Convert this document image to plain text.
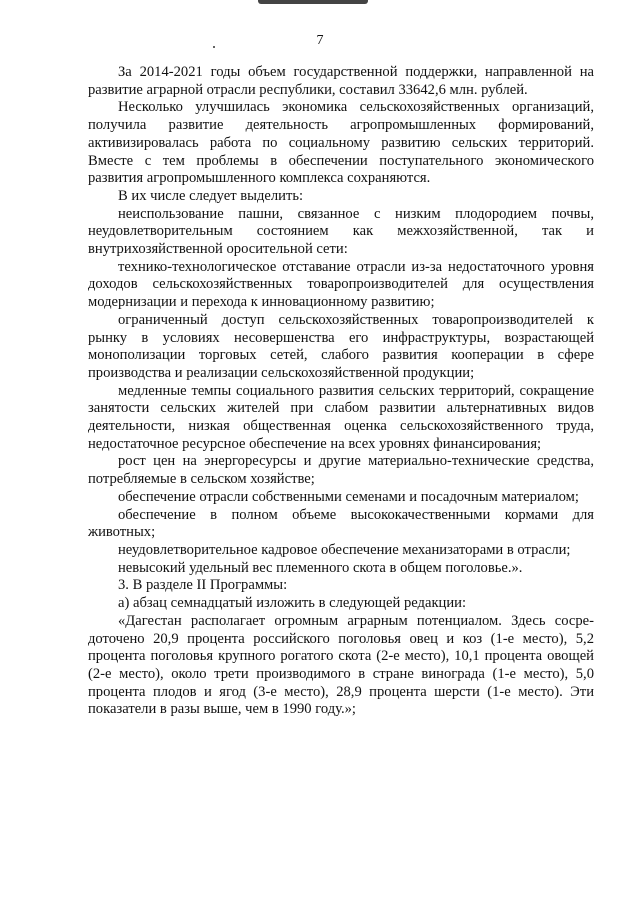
7

За 2014-2021 годы объем государственной поддержки, направленной на развитие аграрной отрасли республики, составил 33642,6 млн. рублей.

Несколько улучшилась экономика сельскохозяйственных организаций, получила развитие деятельность агропромышленных формирований, активизировалась работа по социальному развитию сельских территорий. Вместе с тем проблемы в обеспечении поступательного экономического развития агропромышленного комплекса сохраняются.

В их числе следует выделить:

неиспользование пашни, связанное с низким плодородием почвы, неудовлетворительным состоянием как межхозяйственной, так и внутрихозяйственной оросительной сети:

технико-технологическое отставание отрасли из-за недостаточного уровня доходов сельскохозяйственных товаропроизводителей для осуществления модернизации и перехода к инновационному развитию;

ограниченный доступ сельскохозяйственных товаропроизводителей к рынку в условиях несовершенства его инфраструктуры, возрастающей монополизации торговых сетей, слабого развития кооперации в сфере производства и реализации сельскохозяйственной продукции;

медленные темпы социального развития сельских территорий, сокращение занятости сельских жителей при слабом развитии альтернативных видов деятельности, низкая общественная оценка сельскохозяйственного труда, недостаточное ресурсное обеспечение на всех уровнях финансирования;

рост цен на энергоресурсы и другие материально-технические средства, потребляемые в сельском хозяйстве;

обеспечение отрасли собственными семенами и посадочным материалом;

обеспечение в полном объеме высококачественными кормами для животных;

неудовлетворительное кадровое обеспечение механизаторами в отрасли;

невысокий удельный вес племенного скота в общем поголовье.».

3. В разделе II Программы:

а) абзац семнадцатый изложить в следующей редакции:

«Дагестан располагает огромным аграрным потенциалом. Здесь сосре-доточено 20,9 процента российского поголовья овец и коз (1-е место), 5,2 процента поголовья крупного рогатого скота (2-е место), 10,1 процента овощей (2-е место), около трети производимого в стране винограда (1-е место), 5,0 процента плодов и ягод (3-е место), 28,9 процента шерсти (1-е место). Эти показатели в разы выше, чем в 1990 году.»;
